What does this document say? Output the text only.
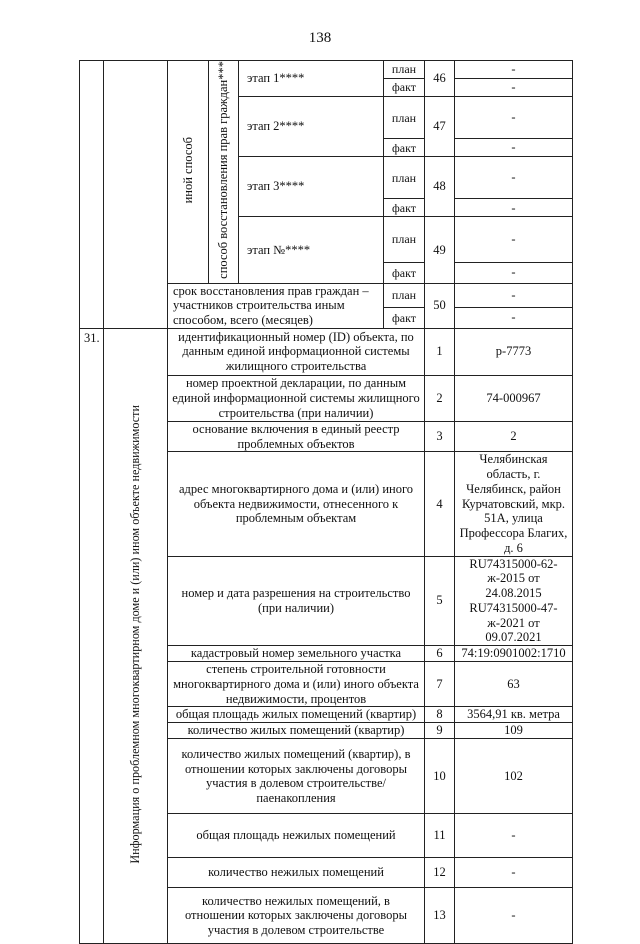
138
		иной способ	способ восстановления прав граждан***	этап 1****	план	46	-
					факт		-
				этап 2****	план	47	-
					факт		-
				этап 3****	план	48	-
					факт		-
				этап №****	план	49	-
					факт		-
		срок восстановления прав граждан – участников строительства иным способом, всего (месяцев)			план	50	-
					факт		-
31.	Информация о проблемном многоквартирном доме и (или) ином объекте недвижимости	идентификационный номер (ID) объекта, по данным единой информационной системы жилищного строительства				1	р-7773
		номер проектной декларации, по данным единой информационной системы жилищного строительства (при наличии)				2	74-000967
		основание включения в единый реестр проблемных объектов				3	2
		адрес многоквартирного дома и (или) иного объекта недвижимости, отнесенного к проблемным объектам				4	Челябинская область, г. Челябинск, район Курчатовский, мкр. 51А, улица Профессора Благих, д. 6
		номер и дата разрешения на строительство (при наличии)				5	RU74315000-62-ж-2015 от 24.08.2015 RU74315000-47-ж-2021 от 09.07.2021
		кадастровый номер земельного участка				6	74:19:0901002:1710
		степень строительной готовности многоквартирного дома и (или) иного объекта недвижимости, процентов				7	63
		общая площадь жилых помещений (квартир)				8	3564,91 кв. метра
		количество жилых помещений (квартир)				9	109
		количество жилых помещений (квартир), в отношении которых заключены договоры участия в долевом строительстве/паенакопления				10	102
		общая площадь нежилых помещений				11	-
		количество нежилых помещений				12	-
		количество нежилых помещений, в отношении которых заключены договоры участия в долевом строительстве				13	-
